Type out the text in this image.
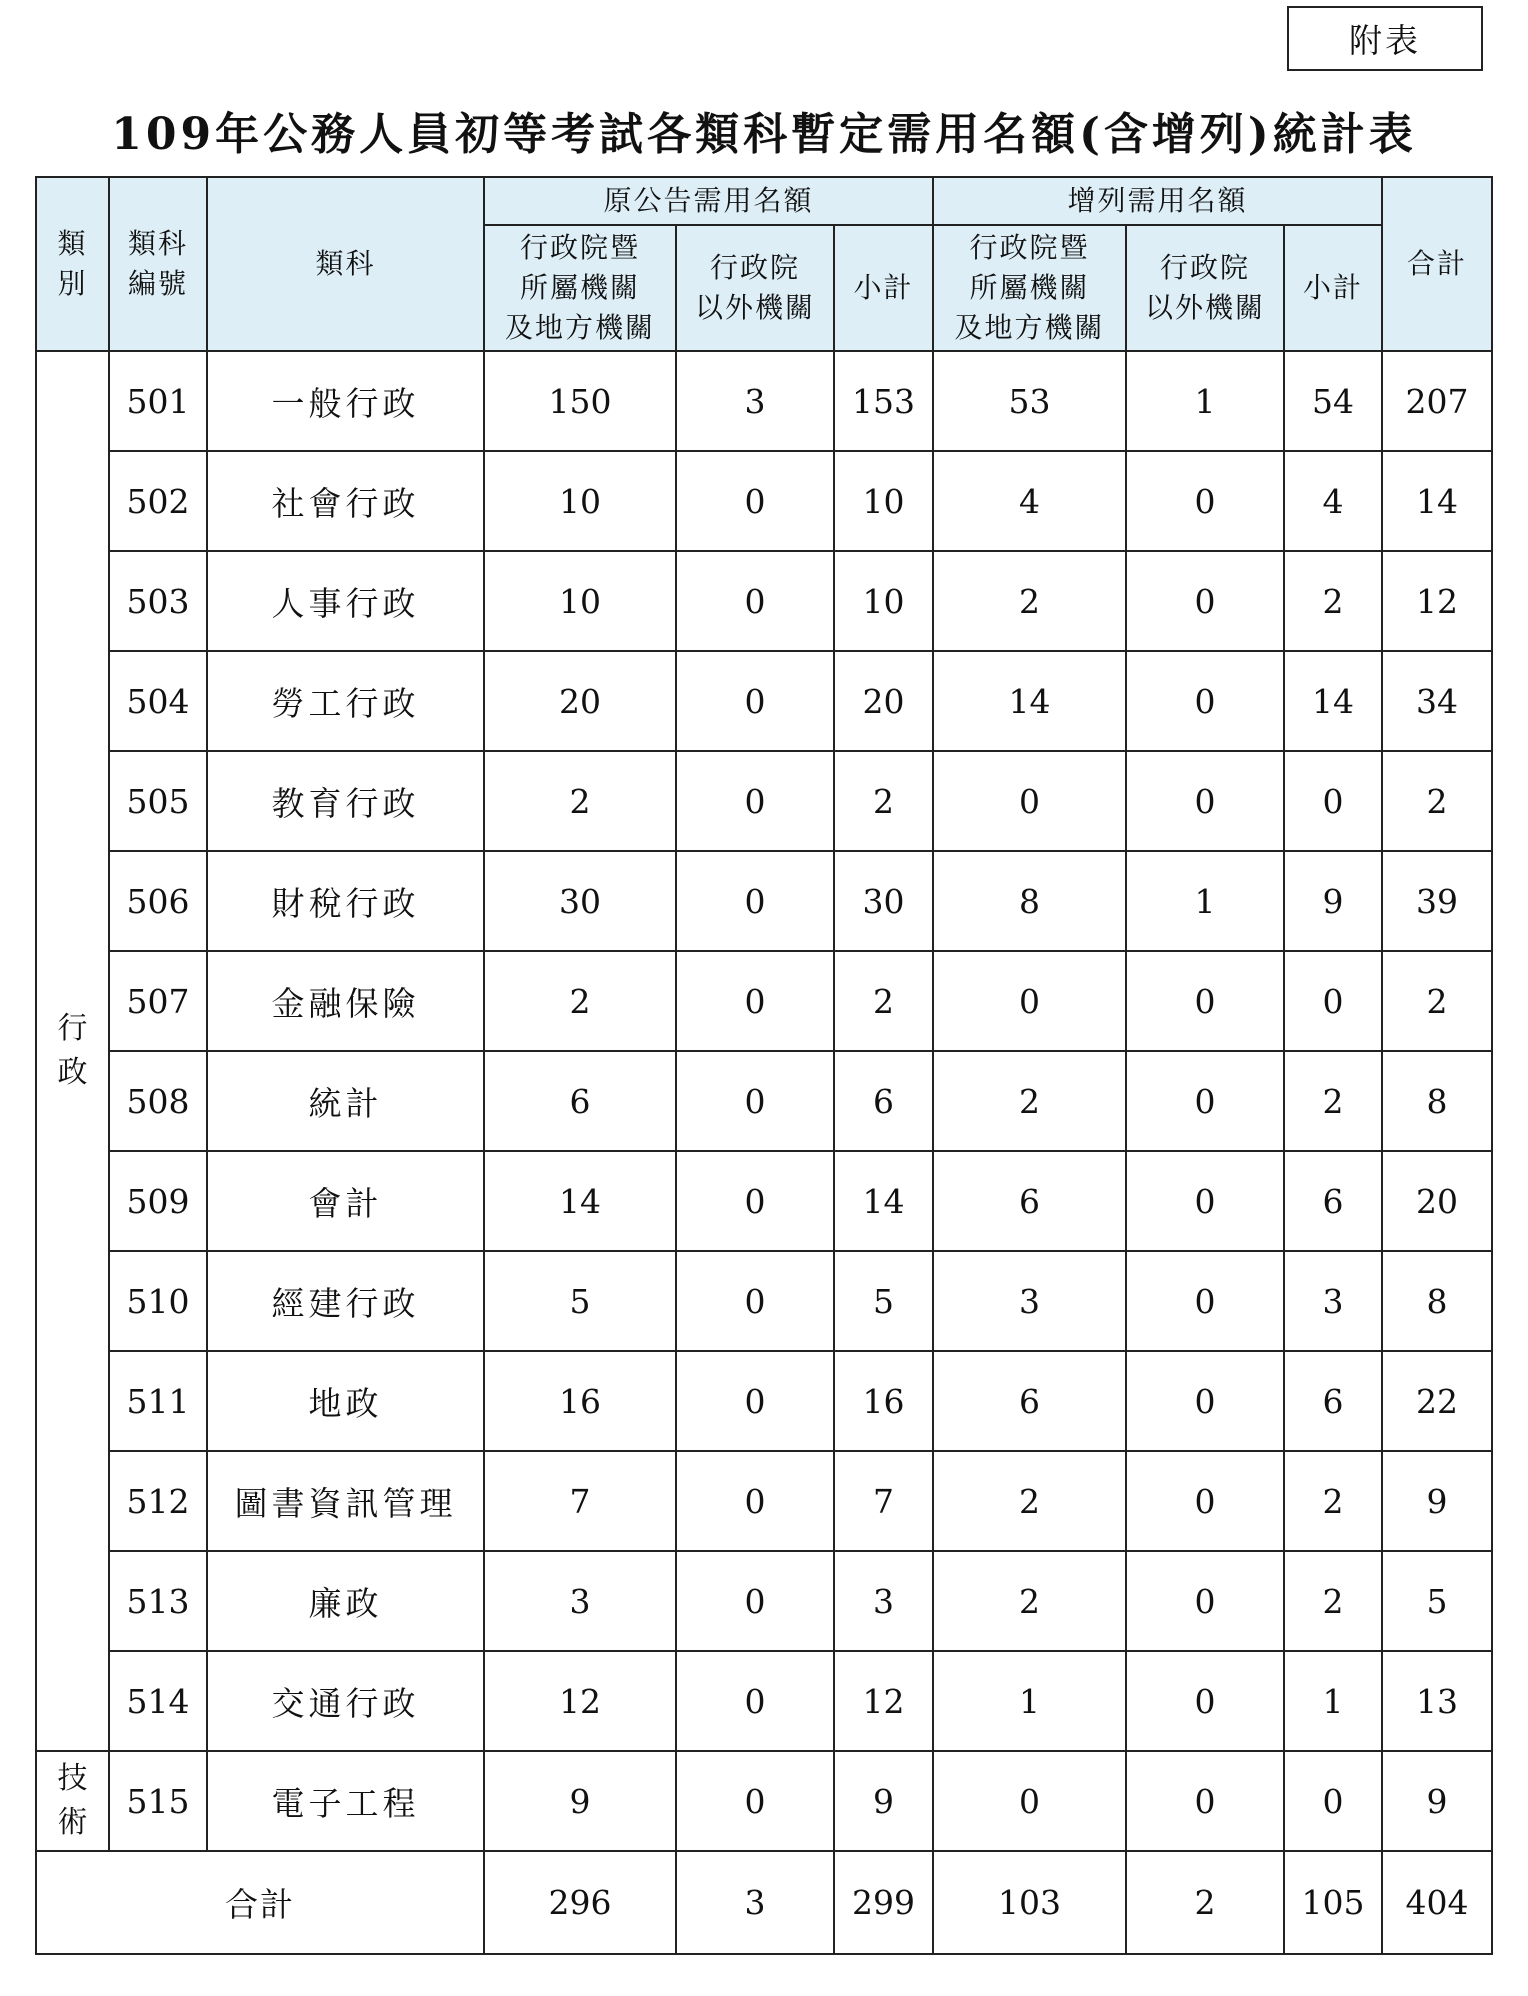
附表
109年公務人員初等考試各類科暫定需用名額(含增列)統計表
類
別	類科
編號	類科	原公告需用名額			增列需用名額			合計

			行政院暨
所屬機關
及地方機關	行政院
以外機關	小計	行政院暨
所屬機關
及地方機關	行政院
以外機關	小計	

行
政	501	一般行政	150	3	153	53	1	54	207
	502	社會行政	10	0	10	4	0	4	14
	503	人事行政	10	0	10	2	0	2	12
	504	勞工行政	20	0	20	14	0	14	34
	505	教育行政	2	0	2	0	0	0	2
	506	財稅行政	30	0	30	8	1	9	39
	507	金融保險	2	0	2	0	0	0	2
	508	統計	6	0	6	2	0	2	8
	509	會計	14	0	14	6	0	6	20
	510	經建行政	5	0	5	3	0	3	8
	511	地政	16	0	16	6	0	6	22
	512	圖書資訊管理	7	0	7	2	0	2	9
	513	廉政	3	0	3	2	0	2	5
	514	交通行政	12	0	12	1	0	1	13

技
術	515	電子工程	9	0	9	0	0	0	9
合計			296	3	299	103	2	105	404
